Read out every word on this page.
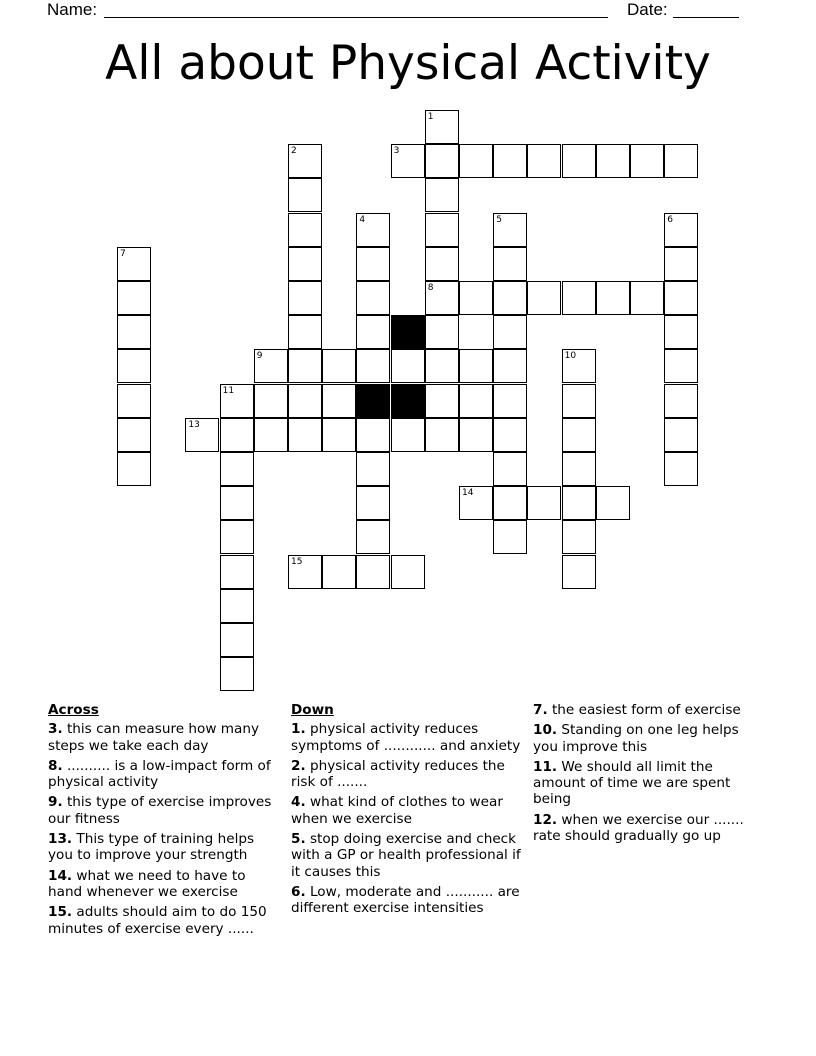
Name:	Date:
All about Physical Activity
1
8
2	3
4	5	6
7
9	10
11
13
14
15
Across
3. this can measure how many steps we take each day
8. .......... is a low-impact form of physical activity
9. this type of exercise improves our fitness
13. This type of training helps you to improve your strength
14. what we need to have to hand whenever we exercise
15. adults should aim to do 150 minutes of exercise every ......
Down
1. physical activity reduces symptoms of ............ and anxiety
2. physical activity reduces the risk of .......
4. what kind of clothes to wear when we exercise
5. stop doing exercise and check with a GP or health professional if it causes this
6. Low, moderate and ........... are different exercise intensities
7. the easiest form of exercise
10. Standing on one leg helps you improve this
11. We should all limit the amount of time we are spent being
12. when we exercise our ....... rate should gradually go up
